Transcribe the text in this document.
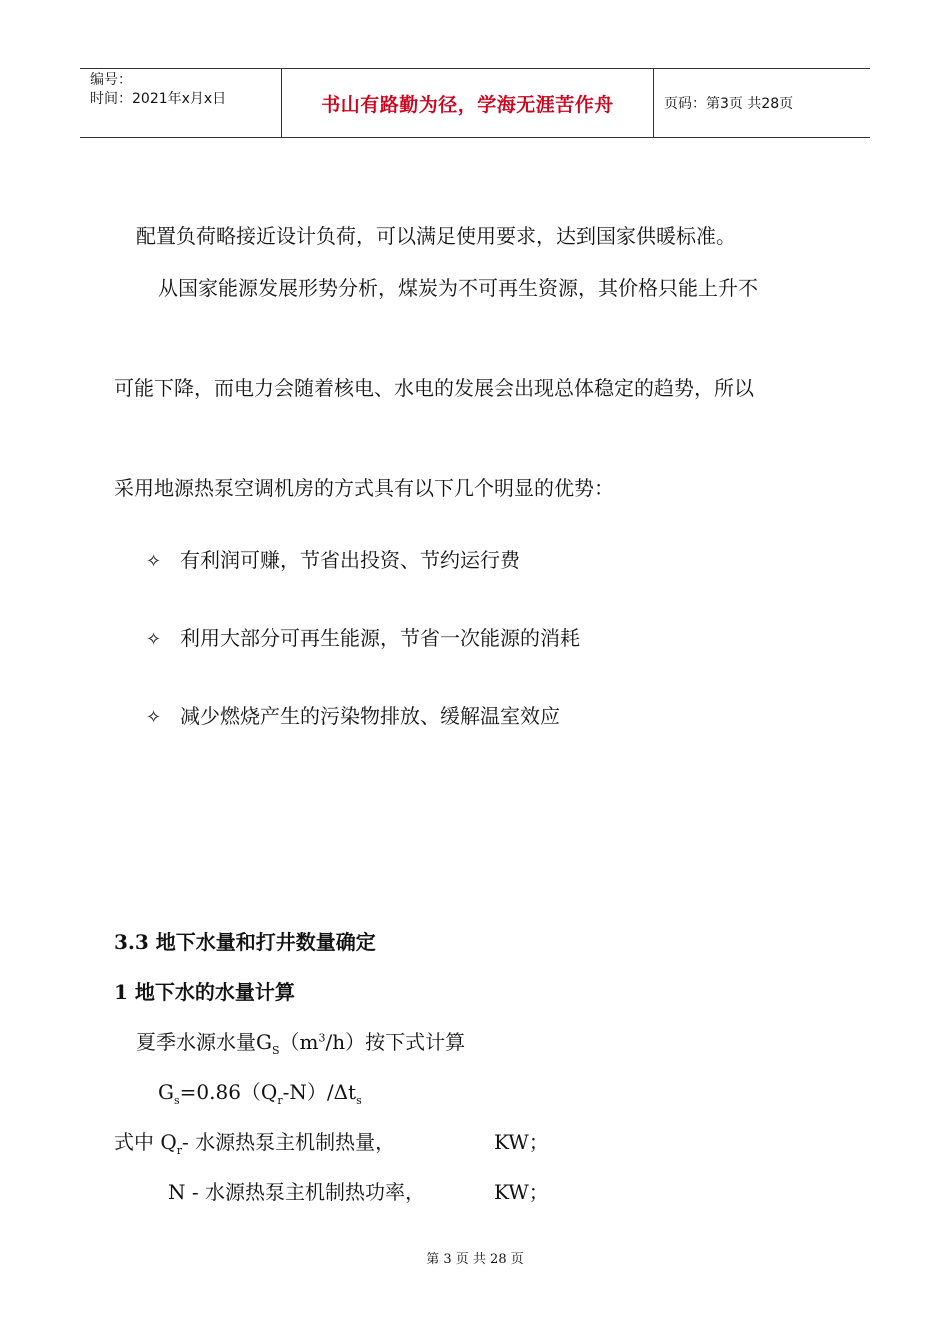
编号：
时间：2021年x月x日	书山有路勤为径，学海无涯苦作舟	页码：第3页 共28页
配置负荷略接近设计负荷，可以满足使用要求，达到国家供暖标准。
从国家能源发展形势分析，煤炭为不可再生资源，其价格只能上升不
可能下降，而电力会随着核电、水电的发展会出现总体稳定的趋势，所以
采用地源热泵空调机房的方式具有以下几个明显的优势：
✧ 有利润可赚，节省出投资、节约运行费
✧ 利用大部分可再生能源，节省一次能源的消耗
✧ 减少燃烧产生的污染物排放、缓解温室效应
3.3 地下水量和打井数量确定
1 地下水的水量计算
夏季水源水量$G_S(m^3/h)$按下式计算
$G_s=0.86(Q_r-N)/\Delta t_s$
式中 $Q_r-$ 水源热泵主机制热量，	KW；
N - 水源热泵主机制热功率，	KW；
第 3 页 共 28 页
